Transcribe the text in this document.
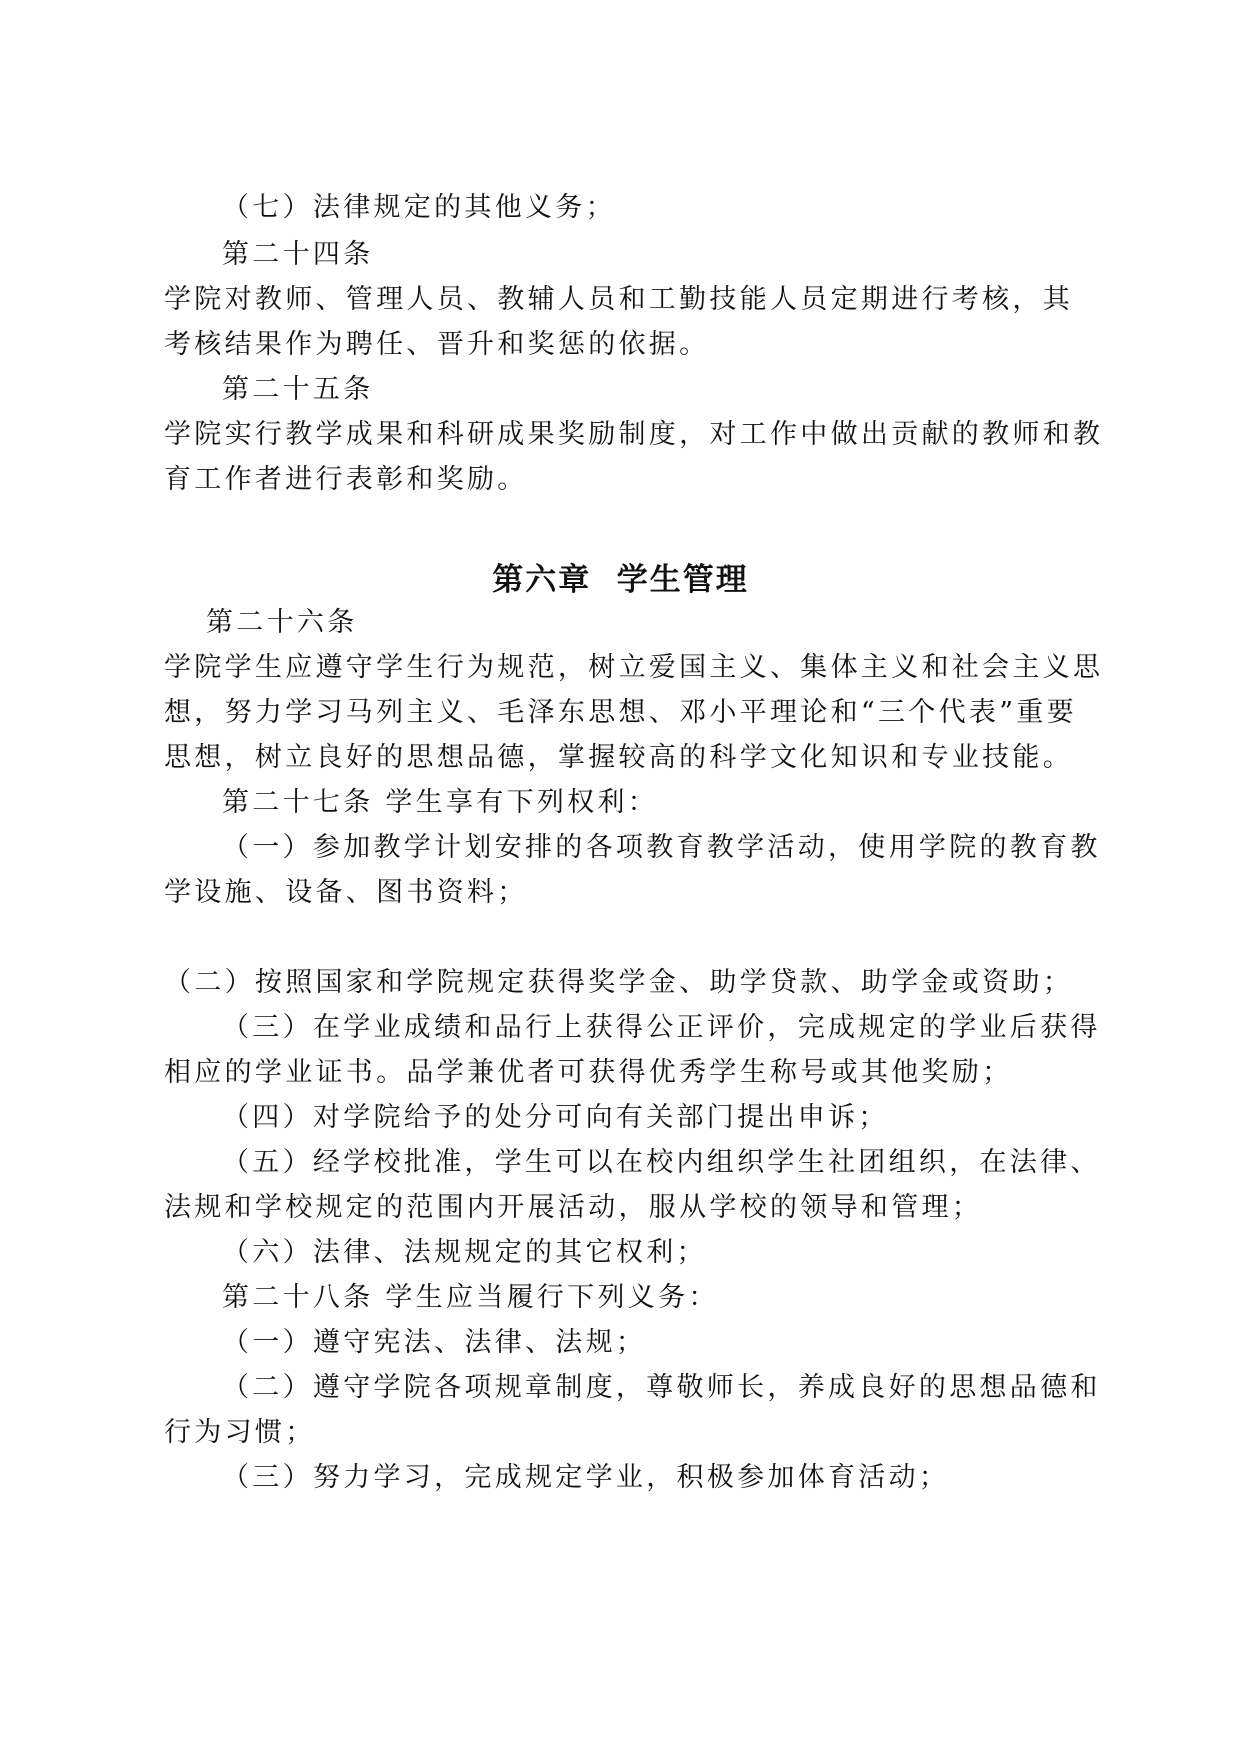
（七）法律规定的其他义务；
第二十四条
学院对教师、管理人员、教辅人员和工勤技能人员定期进行考核，其
考核结果作为聘任、晋升和奖惩的依据。
第二十五条
学院实行教学成果和科研成果奖励制度，对工作中做出贡献的教师和教
育工作者进行表彰和奖励。
第六章  学生管理
第二十六条
学院学生应遵守学生行为规范，树立爱国主义、集体主义和社会主义思
想，努力学习马列主义、毛泽东思想、邓小平理论和“三个代表”重要
思想，树立良好的思想品德，掌握较高的科学文化知识和专业技能。
第二十七条 学生享有下列权利：
（一）参加教学计划安排的各项教育教学活动，使用学院的教育教
学设施、设备、图书资料；
（二）按照国家和学院规定获得奖学金、助学贷款、助学金或资助；
（三）在学业成绩和品行上获得公正评价，完成规定的学业后获得
相应的学业证书。品学兼优者可获得优秀学生称号或其他奖励；
（四）对学院给予的处分可向有关部门提出申诉；
（五）经学校批准，学生可以在校内组织学生社团组织，在法律、
法规和学校规定的范围内开展活动，服从学校的领导和管理；
（六）法律、法规规定的其它权利；
第二十八条 学生应当履行下列义务：
（一）遵守宪法、法律、法规；
（二）遵守学院各项规章制度，尊敬师长，养成良好的思想品德和
行为习惯；
（三）努力学习，完成规定学业，积极参加体育活动；
